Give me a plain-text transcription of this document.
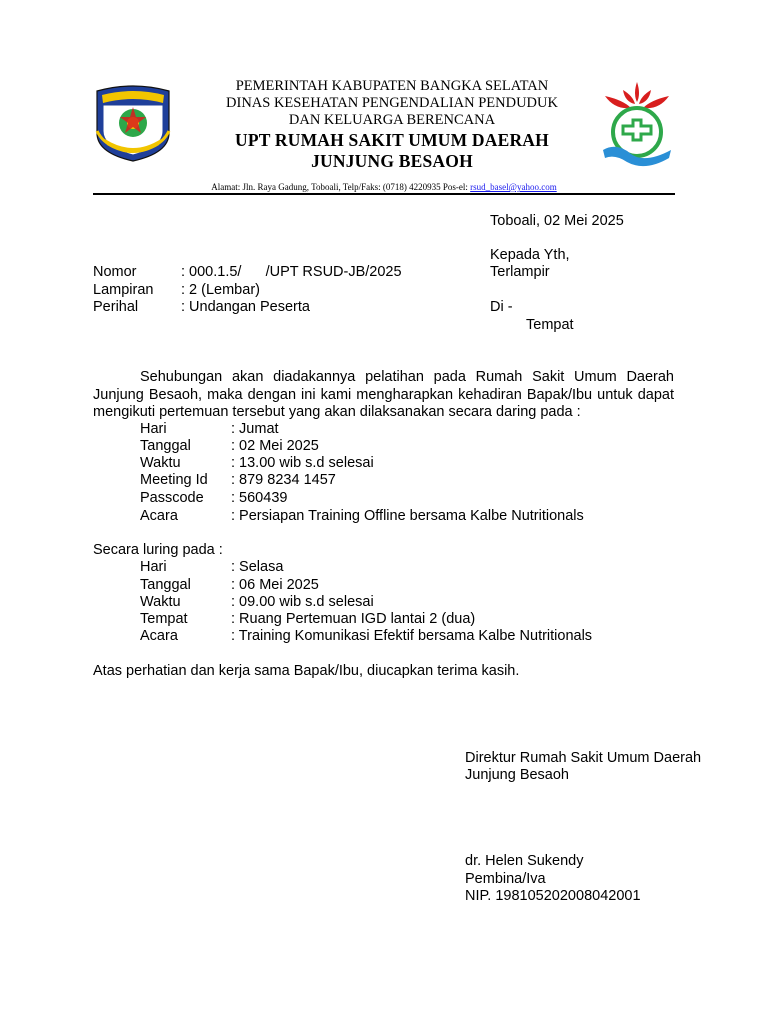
PEMERINTAH KABUPATEN BANGKA SELATAN
DINAS KESEHATAN PENGENDALIAN PENDUDUK
DAN KELUARGA BERENCANA
UPT RUMAH SAKIT UMUM DAERAH
JUNJUNG BESAOH
Alamat: Jln. Raya Gadung, Toboali, Telp/Faks: (0718) 4220935 Pos-el: rsud_basel@yahoo.com
Toboali, 02 Mei 2025
Kepada Yth,
Terlampir
Di -
Tempat
Nomor	: 000.1.5/      /UPT RSUD-JB/2025
Lampiran : 2 (Lembar)
Perihal	: Undangan Peserta
Sehubungan akan diadakannya pelatihan pada Rumah Sakit Umum Daerah Junjung Besaoh, maka dengan ini kami mengharapkan kehadiran Bapak/Ibu untuk dapat mengikuti pertemuan tersebut yang akan dilaksanakan secara daring pada :
Hari	: Jumat
Tanggal	: 02 Mei 2025
Waktu	: 13.00 wib s.d selesai
Meeting Id : 879 8234 1457
Passcode : 560439
Acara	: Persiapan Training Offline bersama Kalbe Nutritionals
Secara luring pada :
Hari	: Selasa
Tanggal	: 06 Mei 2025
Waktu	: 09.00 wib s.d selesai
Tempat	: Ruang Pertemuan IGD lantai 2 (dua)
Acara	: Training Komunikasi Efektif bersama Kalbe Nutritionals
Atas perhatian dan kerja sama Bapak/Ibu, diucapkan terima kasih.
Direktur Rumah Sakit Umum Daerah
Junjung Besaoh
dr. Helen Sukendy
Pembina/Iva
NIP. 198105202008042001
